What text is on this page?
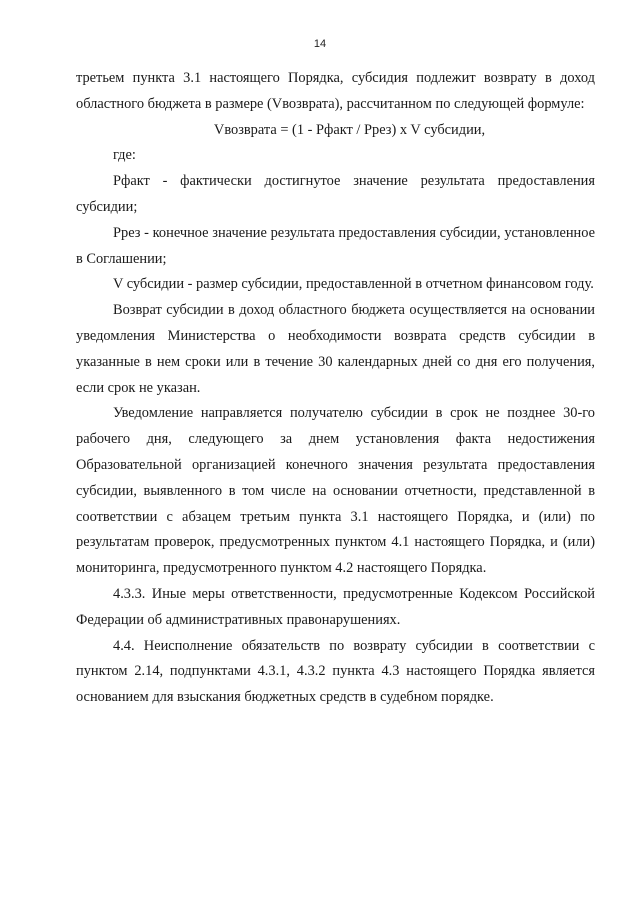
14

третьем пункта 3.1 настоящего Порядка, субсидия подлежит возврату в доход областного бюджета в размере (Vвозврата), рассчитанном по следующей формуле:

Vвозврата = (1 - Рфакт / Ррез) x V субсидии,

где:

Рфакт - фактически достигнутое значение результата предоставления субсидии;

Ррез - конечное значение результата предоставления субсидии, установленное в Соглашении;

V субсидии - размер субсидии, предоставленной в отчетном финансовом году.

Возврат субсидии в доход областного бюджета осуществляется на основании уведомления Министерства о необходимости возврата средств субсидии в указанные в нем сроки или в течение 30 календарных дней со дня его получения, если срок не указан.

Уведомление направляется получателю субсидии в срок не позднее 30-го рабочего дня, следующего за днем установления факта недостижения Образовательной организацией конечного значения результата предоставления субсидии, выявленного в том числе на основании отчетности, представленной в соответствии с абзацем третьим пункта 3.1 настоящего Порядка, и (или) по результатам проверок, предусмотренных пунктом 4.1 настоящего Порядка, и (или) мониторинга, предусмотренного пунктом 4.2 настоящего Порядка.

4.3.3. Иные меры ответственности, предусмотренные Кодексом Российской Федерации об административных правонарушениях.

4.4. Неисполнение обязательств по возврату субсидии в соответствии с пунктом 2.14, подпунктами 4.3.1, 4.3.2 пункта 4.3 настоящего Порядка является основанием для взыскания бюджетных средств в судебном порядке.
